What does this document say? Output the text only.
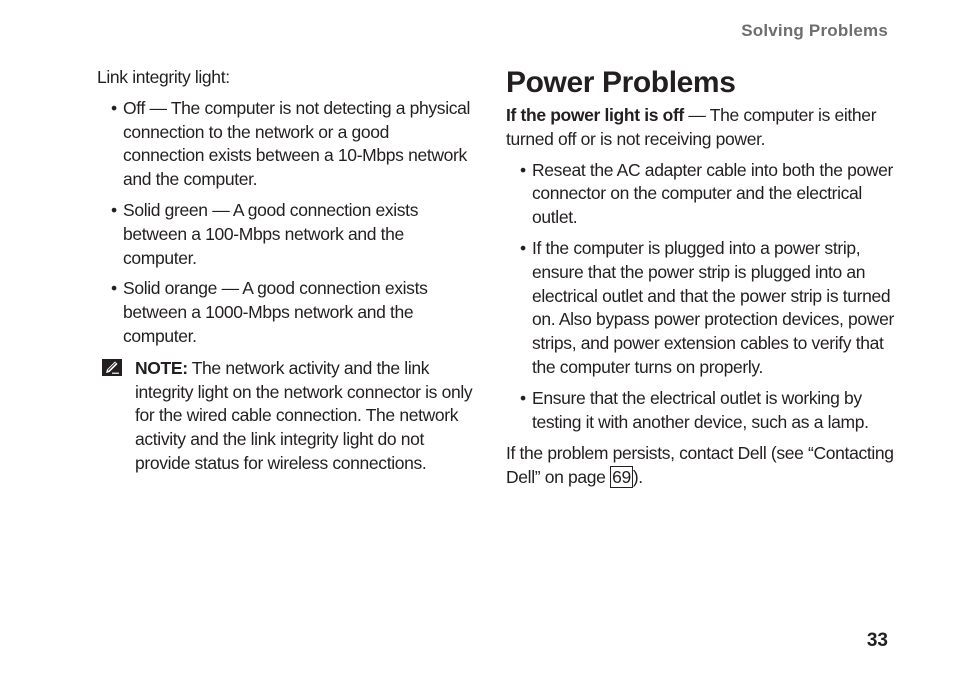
Solving Problems

Link integrity light:

• Off — The computer is not detecting a physical connection to the network or a good connection exists between a 10-Mbps network and the computer.
• Solid green — A good connection exists between a 100-Mbps network and the computer.
• Solid orange — A good connection exists between a 1000-Mbps network and the computer.
NOTE: The network activity and the link integrity light on the network connector is only for the wired cable connection. The network activity and the link integrity light do not provide status for wireless connections.
Power Problems

If the power light is off — The computer is either turned off or is not receiving power.

• Reseat the AC adapter cable into both the power connector on the computer and the electrical outlet.
• If the computer is plugged into a power strip, ensure that the power strip is plugged into an electrical outlet and that the power strip is turned on. Also bypass power protection devices, power strips, and power extension cables to verify that the computer turns on properly.
• Ensure that the electrical outlet is working by testing it with another device, such as a lamp.

If the problem persists, contact Dell (see “Contacting Dell” on page 69 ).

33
